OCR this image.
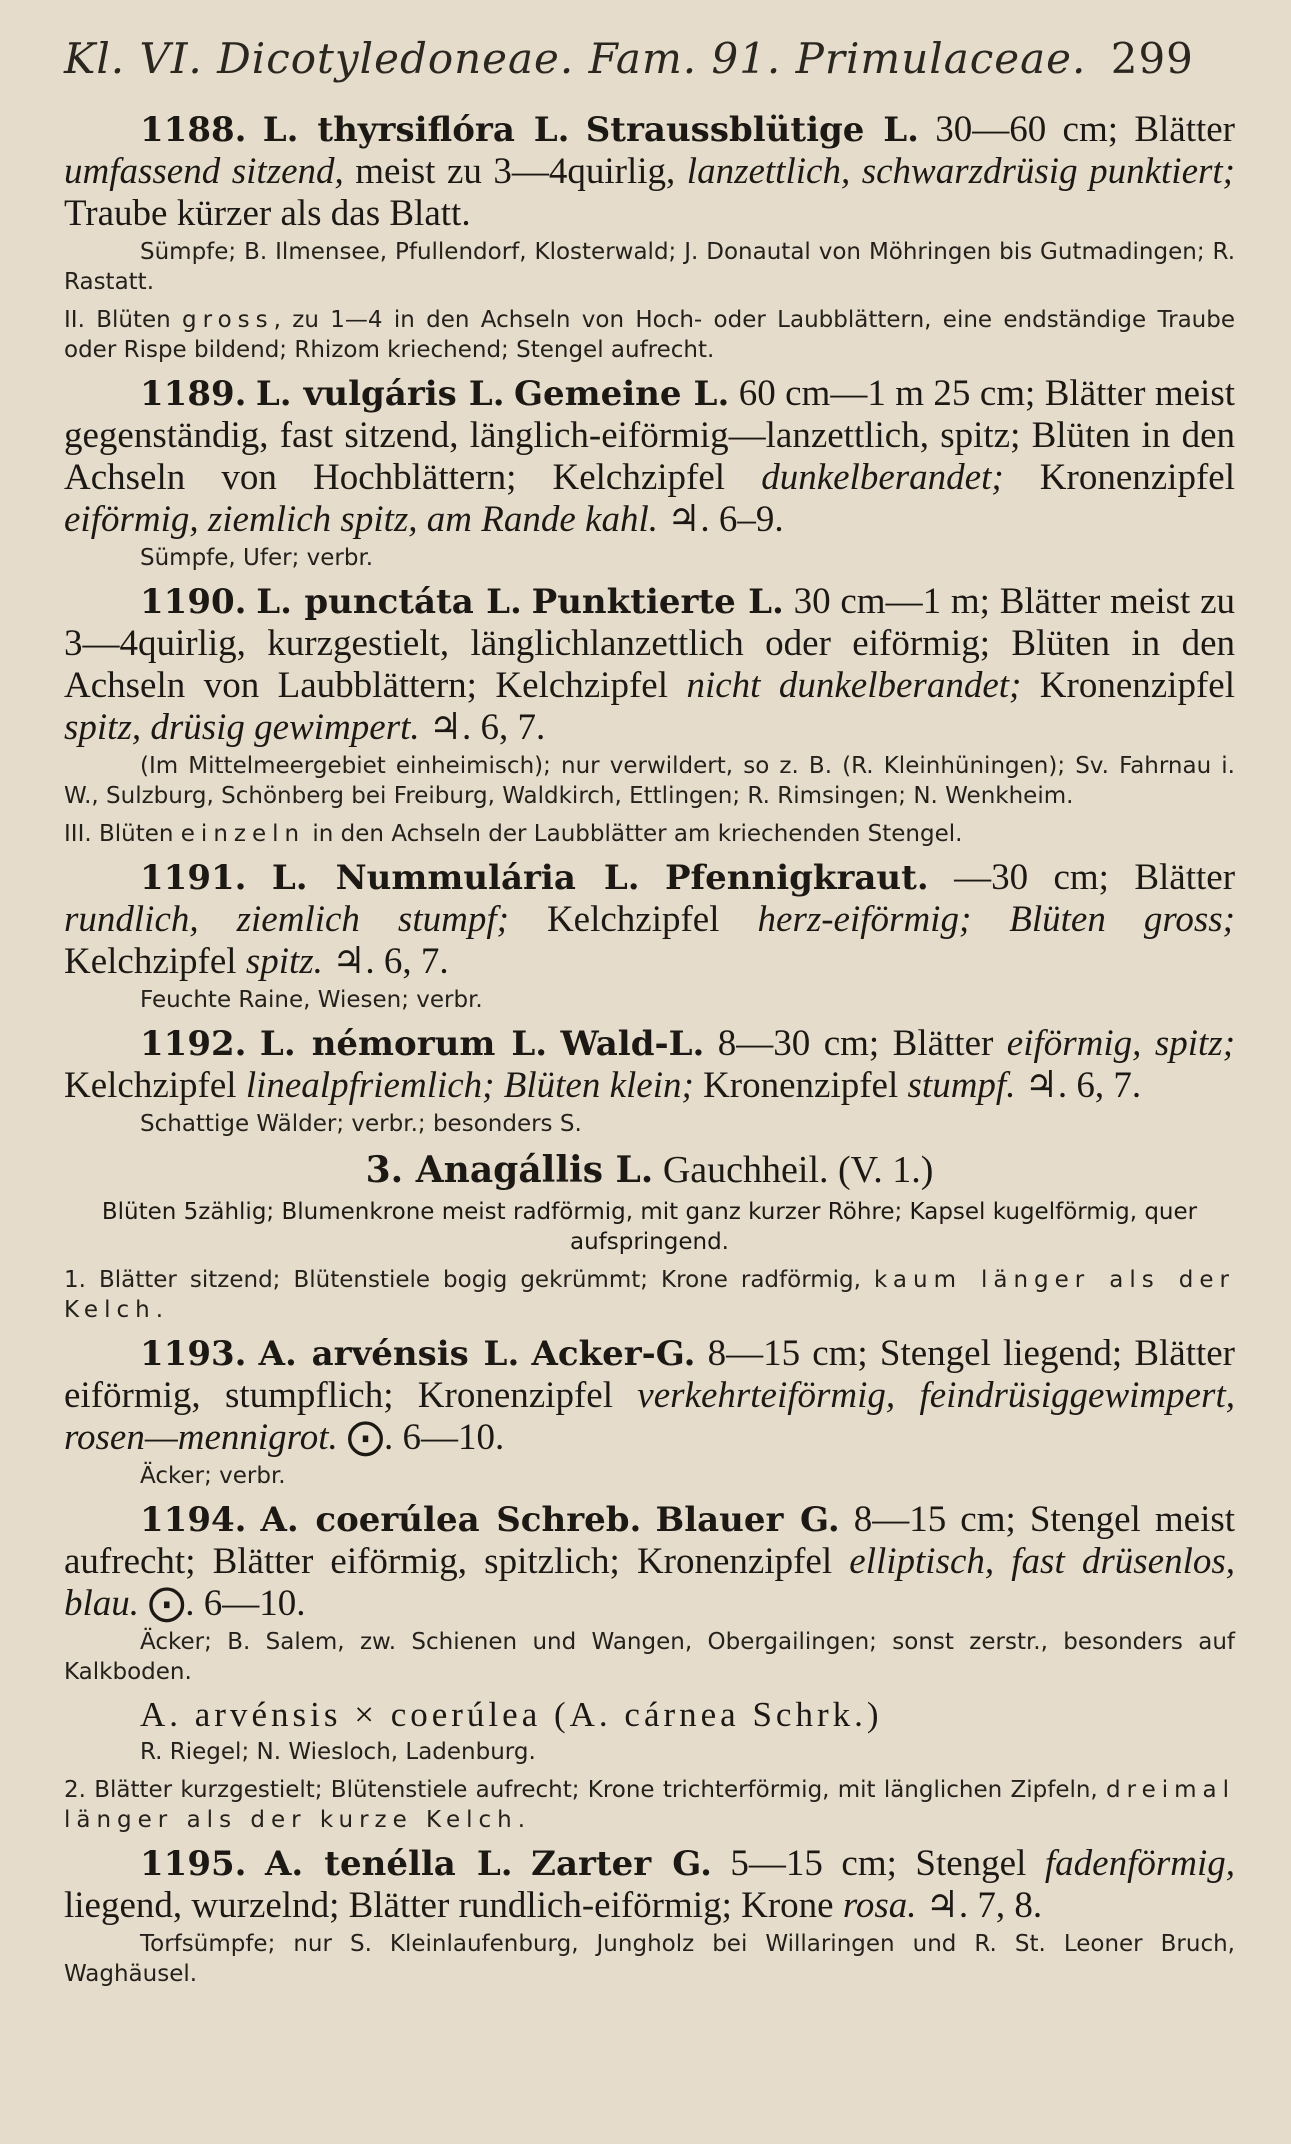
Kl. VI. Dicotyledoneae. Fam. 91. Primulaceae. 299
1188. L. thyrsiflóra L. Straussblütige L. 30—60 cm; Blätter umfassend sitzend, meist zu 3—4quirlig, lanzettlich, schwarzdrüsig punktiert; Traube kürzer als das Blatt.
Sümpfe; B. Ilmensee, Pfullendorf, Klosterwald; J. Donautal von Möhringen bis Gutmadingen; R. Rastatt.
II. Blüten gross, zu 1—4 in den Achseln von Hoch- oder Laubblättern, eine endständige Traube oder Rispe bildend; Rhizom kriechend; Stengel aufrecht.
1189. L. vulgáris L. Gemeine L. 60 cm—1 m 25 cm; Blätter meist gegenständig, fast sitzend, länglich-eiförmig—lanzettlich, spitz; Blüten in den Achseln von Hochblättern; Kelchzipfel dunkelberandet; Kronenzipfel eiförmig, ziemlich spitz, am Rande kahl. ♃. 6–9.
Sümpfe, Ufer; verbr.
1190. L. punctáta L. Punktierte L. 30 cm—1 m; Blätter meist zu 3—4quirlig, kurzgestielt, länglichlanzettlich oder eiförmig; Blüten in den Achseln von Laubblättern; Kelchzipfel nicht dunkelberandet; Kronenzipfel spitz, drüsig gewimpert. ♃. 6, 7.
(Im Mittelmeergebiet einheimisch); nur verwildert, so z. B. (R. Kleinhüningen); Sv. Fahrnau i. W., Sulzburg, Schönberg bei Freiburg, Waldkirch, Ettlingen; R. Rimsingen; N. Wenkheim.
III. Blüten einzeln in den Achseln der Laubblätter am kriechenden Stengel.
1191. L. Nummulária L. Pfennigkraut. —30 cm; Blätter rundlich, ziemlich stumpf; Kelchzipfel herz-eiförmig; Blüten gross; Kelchzipfel spitz. ♃. 6, 7.
Feuchte Raine, Wiesen; verbr.
1192. L. némorum L. Wald-L. 8—30 cm; Blätter eiförmig, spitz; Kelchzipfel linealpfriemlich; Blüten klein; Kronenzipfel stumpf. ♃. 6, 7.
Schattige Wälder; verbr.; besonders S.
3. Anagállis L. Gauchheil. (V. 1.)
Blüten 5zählig; Blumenkrone meist radförmig, mit ganz kurzer Röhre; Kapsel kugelförmig, quer aufspringend.
1. Blätter sitzend; Blütenstiele bogig gekrümmt; Krone radförmig, kaum länger als der Kelch.
1193. A. arvénsis L. Acker-G. 8—15 cm; Stengel liegend; Blätter eiförmig, stumpflich; Kronenzipfel verkehrteiförmig, feindrüsiggewimpert, rosen—mennigrot. ⨀. 6—10.
Äcker; verbr.
1194. A. coerúlea Schreb. Blauer G. 8—15 cm; Stengel meist aufrecht; Blätter eiförmig, spitzlich; Kronenzipfel elliptisch, fast drüsenlos, blau. ⨀. 6—10.
Äcker; B. Salem, zw. Schienen und Wangen, Obergailingen; sonst zerstr., besonders auf Kalkboden.
A. arvénsis × coerúlea (A. cárnea Schrk.)
R. Riegel; N. Wiesloch, Ladenburg.
2. Blätter kurzgestielt; Blütenstiele aufrecht; Krone trichterförmig, mit länglichen Zipfeln, dreimal länger als der kurze Kelch.
1195. A. tenélla L. Zarter G. 5—15 cm; Stengel fadenförmig, liegend, wurzelnd; Blätter rundlich-eiförmig; Krone rosa. ♃. 7, 8.
Torfsümpfe; nur S. Kleinlaufenburg, Jungholz bei Willaringen und R. St. Leoner Bruch, Waghäusel.
